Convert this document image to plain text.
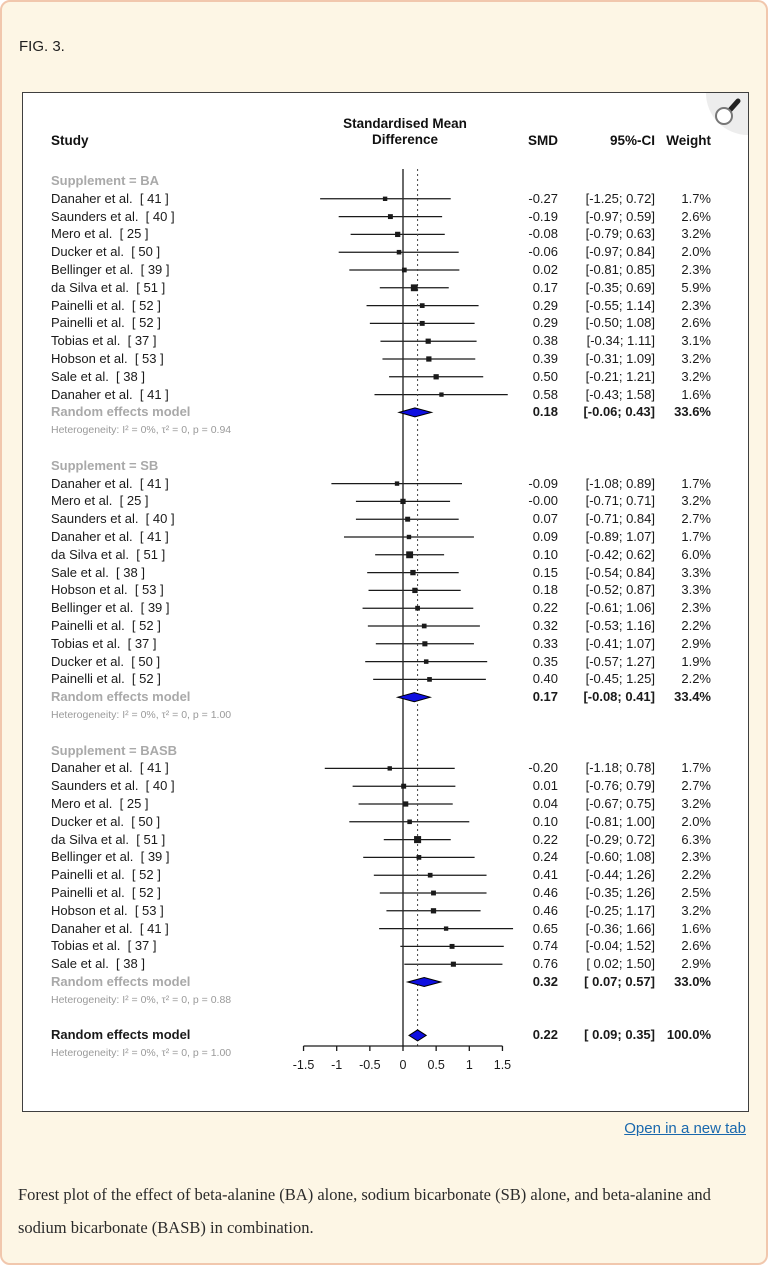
FIG. 3.
-1.5 -1 -0.5 0 0.5 1 1.5
Supplement = BA
Danaher et al.  [ 41 ]	-0.27 [-1.25; 0.72] 1.7%
Saunders et al.  [ 40 ]	-0.19 [-0.97; 0.59] 2.6%
Mero et al.  [ 25 ]	-0.08 [-0.79; 0.63] 3.2%
Ducker et al.  [ 50 ]	-0.06 [-0.97; 0.84] 2.0%
Bellinger et al.  [ 39 ]	0.02 [-0.81; 0.85] 2.3%
da Silva et al.  [ 51 ]	0.17 [-0.35; 0.69] 5.9%
Painelli et al.  [ 52 ]	0.29 [-0.55; 1.14] 2.3%
Painelli et al.  [ 52 ]	0.29 [-0.50; 1.08] 2.6%
Tobias et al.  [ 37 ]	0.38 [-0.34; 1.11] 3.1%
Hobson et al.  [ 53 ]	0.39 [-0.31; 1.09] 3.2%
Sale et al.  [ 38 ]	0.50 [-0.21; 1.21] 3.2%
Danaher et al.  [ 41 ]	0.58 [-0.43; 1.58] 1.6%
Random effects model	0.18 [-0.06; 0.43] 33.6%
Heterogeneity: I² = 0%, τ² = 0, p = 0.94
Supplement = SB
Danaher et al.  [ 41 ]	-0.09 [-1.08; 0.89] 1.7%
Mero et al.  [ 25 ]	-0.00 [-0.71; 0.71] 3.2%
Saunders et al.  [ 40 ]	0.07 [-0.71; 0.84] 2.7%
Danaher et al.  [ 41 ]	0.09 [-0.89; 1.07] 1.7%
da Silva et al.  [ 51 ]	0.10 [-0.42; 0.62] 6.0%
Sale et al.  [ 38 ]	0.15 [-0.54; 0.84] 3.3%
Hobson et al.  [ 53 ]	0.18 [-0.52; 0.87] 3.3%
Bellinger et al.  [ 39 ]	0.22 [-0.61; 1.06] 2.3%
Painelli et al.  [ 52 ]	0.32 [-0.53; 1.16] 2.2%
Tobias et al.  [ 37 ]	0.33 [-0.41; 1.07] 2.9%
Ducker et al.  [ 50 ]	0.35 [-0.57; 1.27] 1.9%
Painelli et al.  [ 52 ]	0.40 [-0.45; 1.25] 2.2%
Random effects model	0.17 [-0.08; 0.41] 33.4%
Heterogeneity: I² = 0%, τ² = 0, p = 1.00
Supplement = BASB
Danaher et al.  [ 41 ]	-0.20 [-1.18; 0.78] 1.7%
Saunders et al.  [ 40 ]	0.01 [-0.76; 0.79] 2.7%
Mero et al.  [ 25 ]	0.04 [-0.67; 0.75] 3.2%
Ducker et al.  [ 50 ]	0.10 [-0.81; 1.00] 2.0%
da Silva et al.  [ 51 ]	0.22 [-0.29; 0.72] 6.3%
Bellinger et al.  [ 39 ]	0.24 [-0.60; 1.08] 2.3%
Painelli et al.  [ 52 ]	0.41 [-0.44; 1.26] 2.2%
Painelli et al.  [ 52 ]	0.46 [-0.35; 1.26] 2.5%
Hobson et al.  [ 53 ]	0.46 [-0.25; 1.17] 3.2%
Danaher et al.  [ 41 ]	0.65 [-0.36; 1.66] 1.6%
Tobias et al.  [ 37 ]	0.74 [-0.04; 1.52] 2.6%
Sale et al.  [ 38 ]	0.76 [ 0.02; 1.50] 2.9%
Random effects model	0.32 [ 0.07; 0.57] 33.0%
Heterogeneity: I² = 0%, τ² = 0, p = 0.88
Random effects model	0.22 [ 0.09; 0.35] 100.0%
Heterogeneity: I² = 0%, τ² = 0, p = 1.00
Study
Standardised Mean
Difference	SMD	95%-CI Weight
Open in a new tab
Forest plot of the effect of beta-alanine (BA) alone, sodium bicarbonate (SB) alone, and beta-alanine and sodium bicarbonate (BASB) in combination.
